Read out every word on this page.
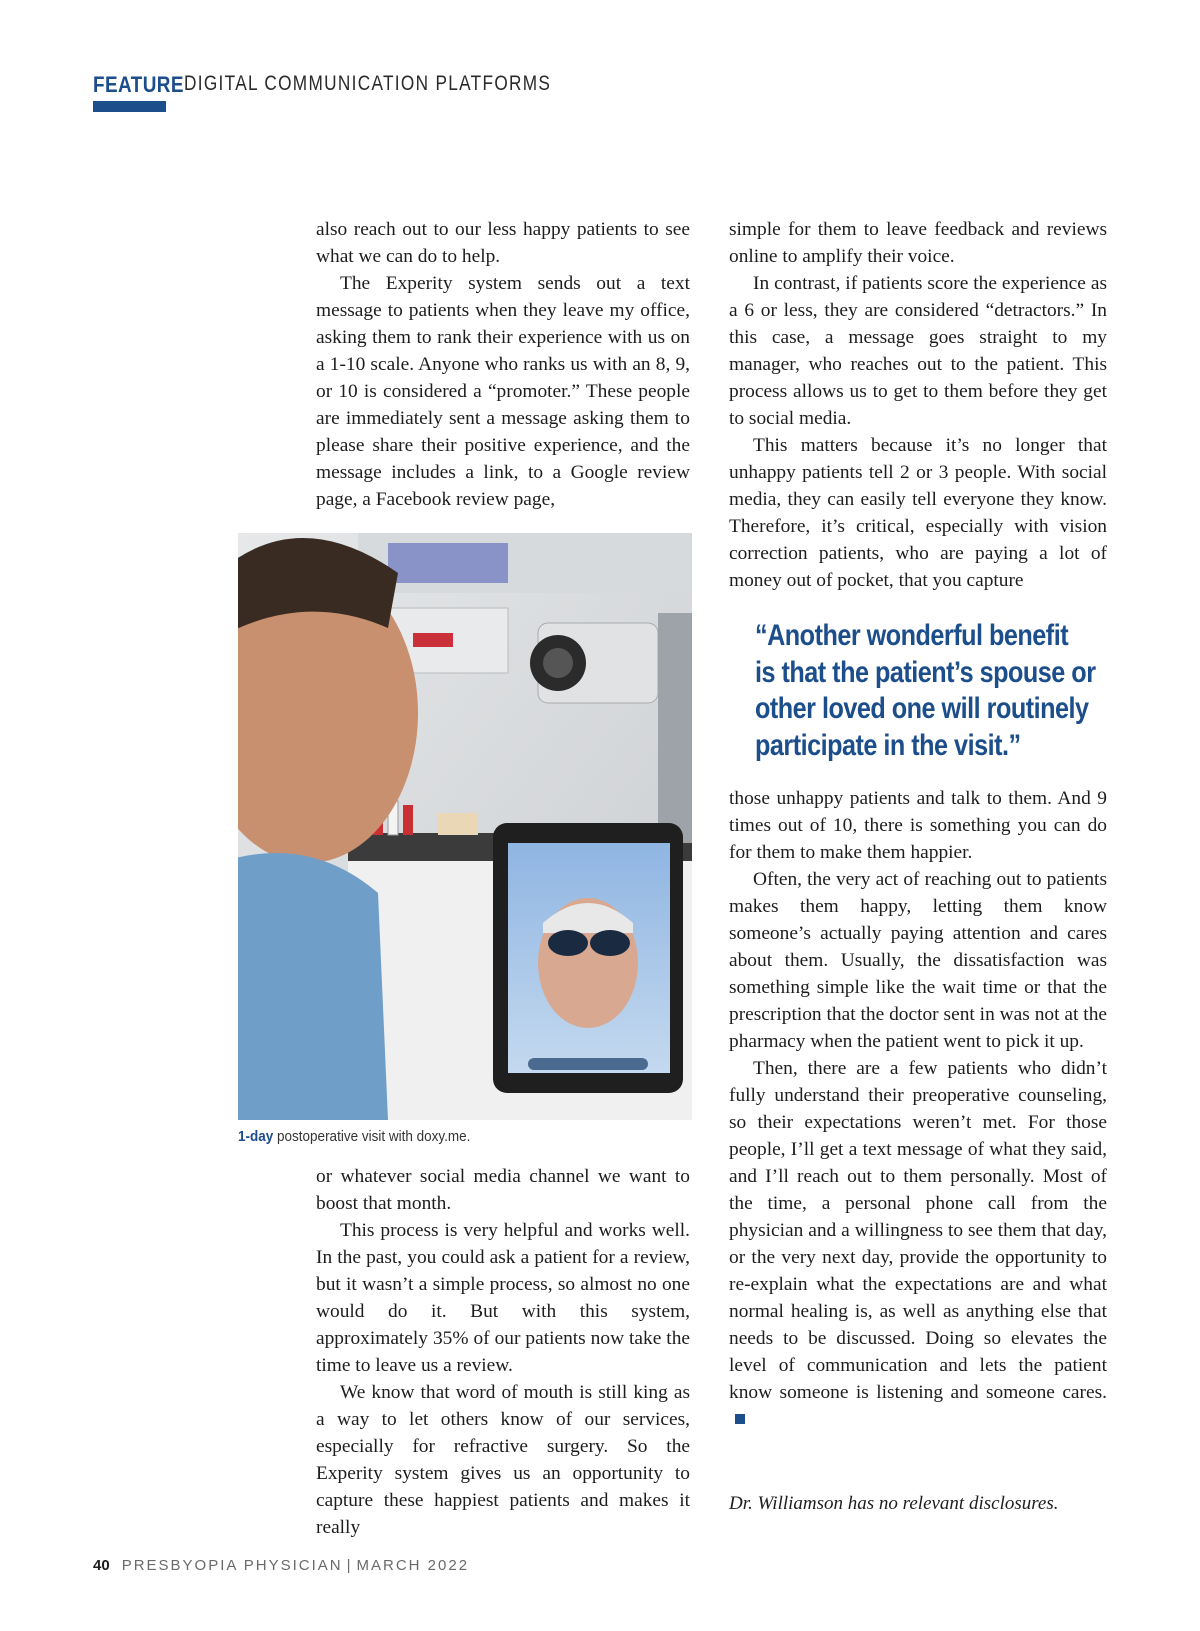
FEATURE DIGITAL COMMUNICATION PLATFORMS

also reach out to our less happy patients to see what we can do to help.

The Experity system sends out a text message to patients when they leave my office, asking them to rank their experience with us on a 1-10 scale. Anyone who ranks us with an 8, 9, or 10 is considered a “promoter.” These people are immediately sent a message asking them to please share their positive experience, and the message includes a link, to a Google review page, a Facebook review page,

1-day postoperative visit with doxy.me.

or whatever social media channel we want to boost that month.

This process is very helpful and works well. In the past, you could ask a patient for a review, but it wasn’t a simple process, so almost no one would do it. But with this system, approximately 35% of our patients now take the time to leave us a review.

We know that word of mouth is still king as a way to let others know of our services, especially for refractive surgery. So the Experity system gives us an opportunity to capture these happiest patients and makes it really

simple for them to leave feedback and reviews online to amplify their voice.

In contrast, if patients score the experience as a 6 or less, they are considered “detractors.” In this case, a message goes straight to my manager, who reaches out to the patient. This process allows us to get to them before they get to social media.

This matters because it’s no longer that unhappy patients tell 2 or 3 people. With social media, they can easily tell everyone they know. Therefore, it’s critical, especially with vision correction patients, who are paying a lot of money out of pocket, that you capture

“Another wonderful benefit
is that the patient’s spouse or
other loved one will routinely
participate in the visit.”

those unhappy patients and talk to them. And 9 times out of 10, there is something you can do for them to make them happier.

Often, the very act of reaching out to patients makes them happy, letting them know someone’s actually paying attention and cares about them. Usually, the dissatisfaction was something simple like the wait time or that the prescription that the doctor sent in was not at the pharmacy when the patient went to pick it up.

Then, there are a few patients who didn’t fully understand their preoperative counseling, so their expectations weren’t met. For those people, I’ll get a text message of what they said, and I’ll reach out to them personally. Most of the time, a personal phone call from the physician and a willingness to see them that day, or the very next day, provide the opportunity to re-explain what the expectations are and what normal healing is, as well as anything else that needs to be discussed. Doing so elevates the level of communication and lets the patient know someone is listening and someone cares.

Dr. Williamson has no relevant disclosures.
40 PRESBYOPIA PHYSICIAN | MARCH 2022
